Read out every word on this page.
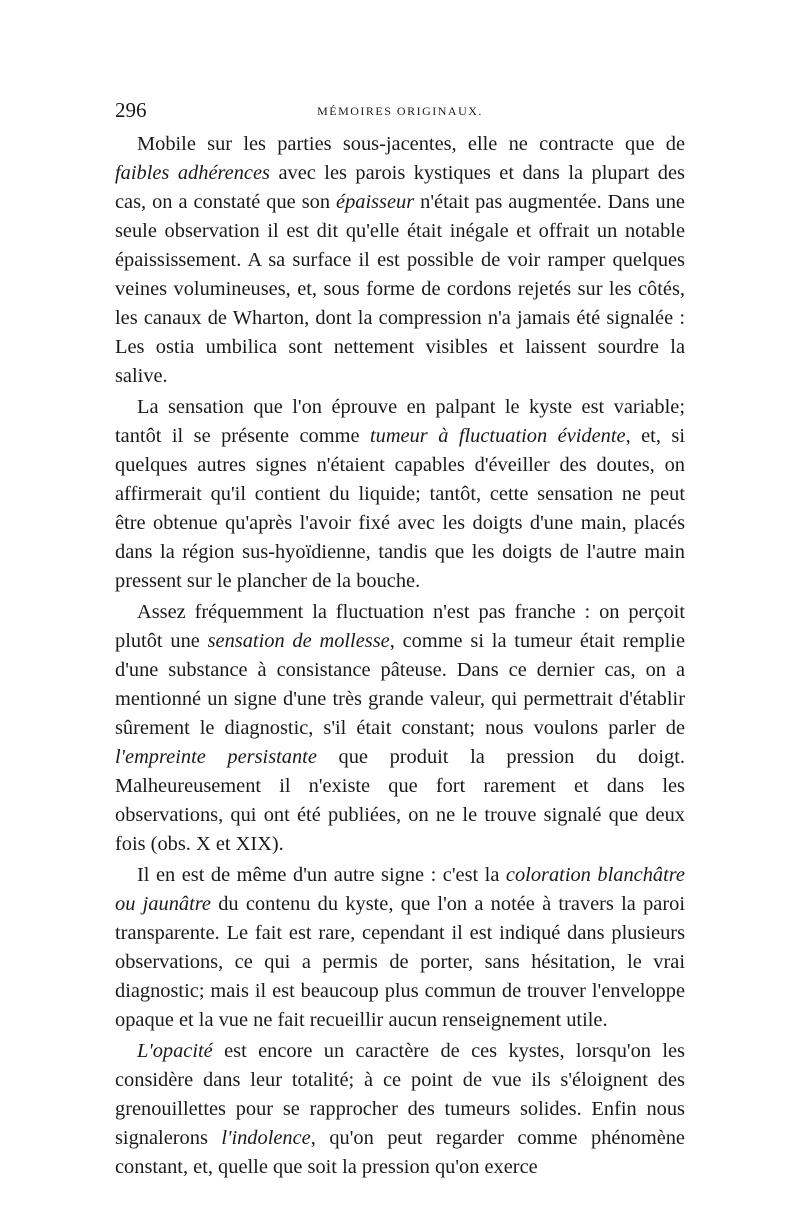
296	MÉMOIRES ORIGINAUX.

Mobile sur les parties sous-jacentes, elle ne contracte que de faibles adhérences avec les parois kystiques et dans la plupart des cas, on a constaté que son épaisseur n'était pas augmentée. Dans une seule observation il est dit qu'elle était inégale et offrait un notable épaississement. A sa surface il est possible de voir ramper quelques veines volumineuses, et, sous forme de cordons rejetés sur les côtés, les canaux de Wharton, dont la compression n'a jamais été signalée : Les ostia umbilica sont nettement visibles et laissent sourdre la salive.

La sensation que l'on éprouve en palpant le kyste est variable; tantôt il se présente comme tumeur à fluctuation évidente, et, si quelques autres signes n'étaient capables d'éveiller des doutes, on affirmerait qu'il contient du liquide; tantôt, cette sensation ne peut être obtenue qu'après l'avoir fixé avec les doigts d'une main, placés dans la région sus-hyoïdienne, tandis que les doigts de l'autre main pressent sur le plancher de la bouche.

Assez fréquemment la fluctuation n'est pas franche : on perçoit plutôt une sensation de mollesse, comme si la tumeur était remplie d'une substance à consistance pâteuse. Dans ce dernier cas, on a mentionné un signe d'une très grande valeur, qui permettrait d'établir sûrement le diagnostic, s'il était constant; nous voulons parler de l'empreinte persistante que produit la pression du doigt. Malheureusement il n'existe que fort rarement et dans les observations, qui ont été publiées, on ne le trouve signalé que deux fois (obs. X et XIX).

Il en est de même d'un autre signe : c'est la coloration blanchâtre ou jaunâtre du contenu du kyste, que l'on a notée à travers la paroi transparente. Le fait est rare, cependant il est indiqué dans plusieurs observations, ce qui a permis de porter, sans hésitation, le vrai diagnostic; mais il est beaucoup plus commun de trouver l'enveloppe opaque et la vue ne fait recueillir aucun renseignement utile.

L'opacité est encore un caractère de ces kystes, lorsqu'on les considère dans leur totalité; à ce point de vue ils s'éloignent des grenouillettes pour se rapprocher des tumeurs solides. Enfin nous signalerons l'indolence, qu'on peut regarder comme phénomène constant, et, quelle que soit la pression qu'on exerce
